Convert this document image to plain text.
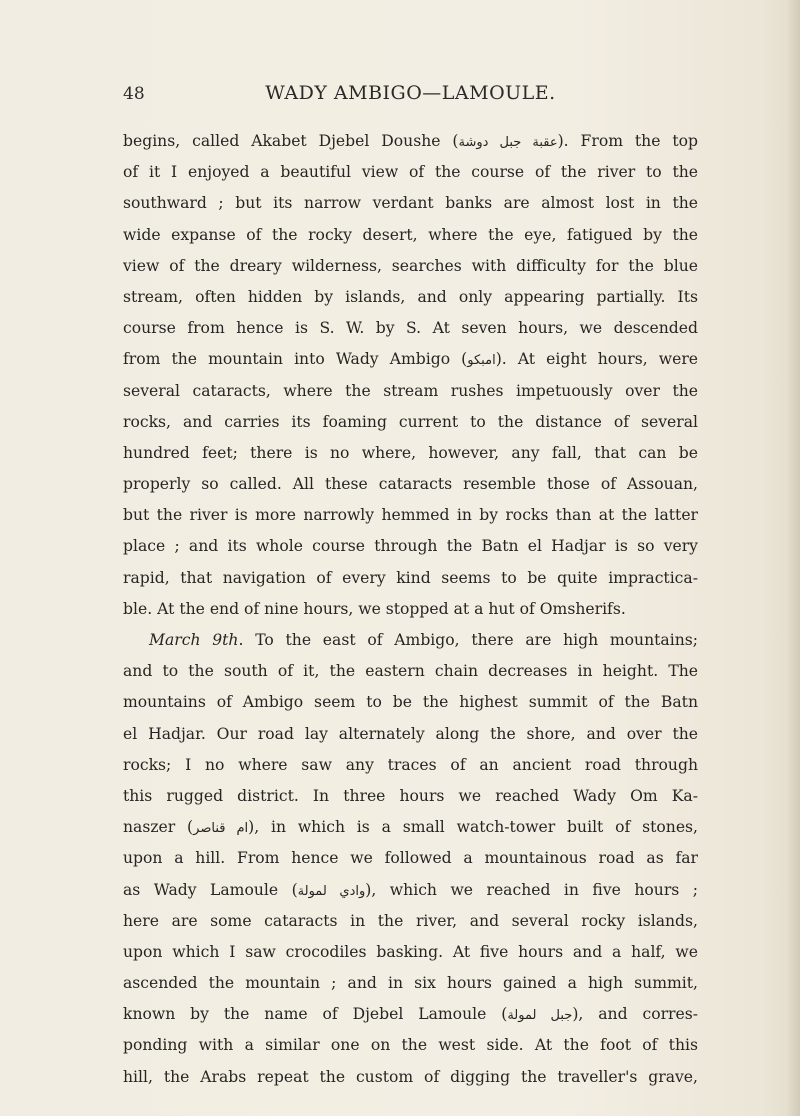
48	WADY AMBIGO—LAMOULE.
begins, called Akabet Djebel Doushe (عقبة جبل دوشة). From the top
of it I enjoyed a beautiful view of the course of the river to the
southward ; but its narrow verdant banks are almost lost in the
wide expanse of the rocky desert, where the eye, fatigued by the
view of the dreary wilderness, searches with difficulty for the blue
stream, often hidden by islands, and only appearing partially. Its
course from hence is S. W. by S. At seven hours, we descended
from the mountain into Wady Ambigo (امبكو). At eight hours, were
several cataracts, where the stream rushes impetuously over the
rocks, and carries its foaming current to the distance of several
hundred feet; there is no where, however, any fall, that can be
properly so called. All these cataracts resemble those of Assouan,
but the river is more narrowly hemmed in by rocks than at the latter
place ; and its whole course through the Batn el Hadjar is so very
rapid, that navigation of every kind seems to be quite impractica-
ble. At the end of nine hours, we stopped at a hut of Omsherifs.
March 9th. To the east of Ambigo, there are high mountains;
and to the south of it, the eastern chain decreases in height. The
mountains of Ambigo seem to be the highest summit of the Batn
el Hadjar. Our road lay alternately along the shore, and over the
rocks; I no where saw any traces of an ancient road through
this rugged district. In three hours we reached Wady Om Ka-
naszer (ام قناصر), in which is a small watch-tower built of stones,
upon a hill. From hence we followed a mountainous road as far
as Wady Lamoule (وادي لمولة), which we reached in five hours ;
here are some cataracts in the river, and several rocky islands,
upon which I saw crocodiles basking. At five hours and a half, we
ascended the mountain ; and in six hours gained a high summit,
known by the name of Djebel Lamoule (جبل لمولة), and corres-
ponding with a similar one on the west side. At the foot of this
hill, the Arabs repeat the custom of digging the traveller's grave,
